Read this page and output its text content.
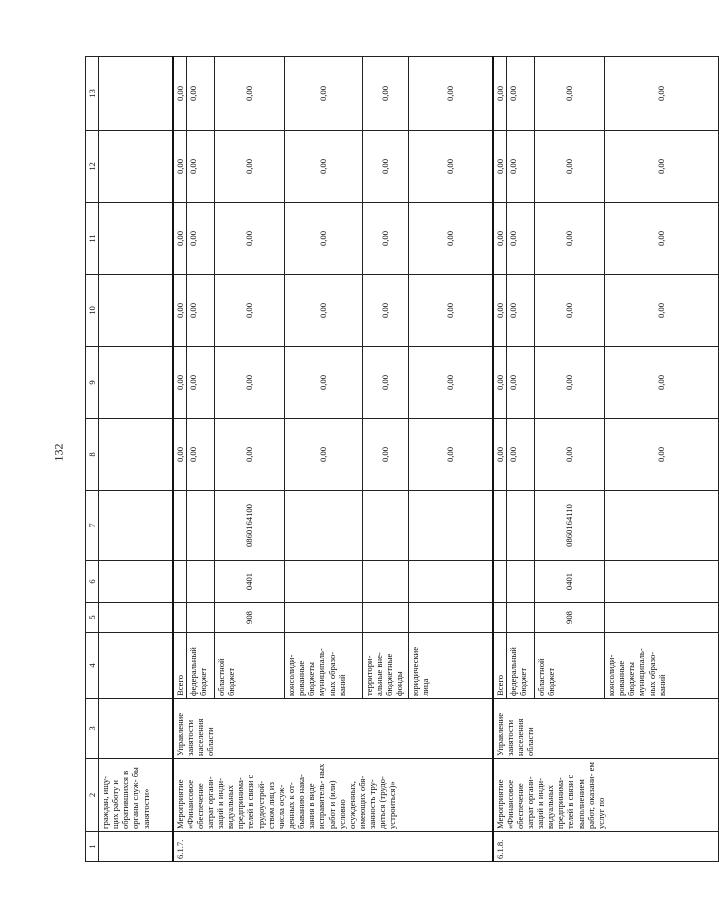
132
1	2	3	4	5	6	7	8	9	10	11	12	13
	граждан, ищу- щих работу и обратившихся в органы служ- бы занятости»											
6.1.7.	Мероприятие «Финансовое обеспечение затрат органи- заций и инди- видуальных предпринима- телей в связи с трудоустрой- ством лиц из числа осуж- денных к от- быванию нака- зания в виде исправитель- ных работ и (или) условно осужденных, имеющих обя- занность тру- диться (трудо- устроиться)»	Управление занятости населения области	Всего				0,00	0,00	0,00	0,00	0,00	0,00
			федеральный бюджет				0,00	0,00	0,00	0,00	0,00	0,00
			областной бюджет	908	0401	0860164100	0,00	0,00	0,00	0,00	0,00	0,00
			консолиди- рованные бюджеты муниципаль- ных образо- ваний				0,00	0,00	0,00	0,00	0,00	0,00
			территори- альные вне- бюджетные фонды				0,00	0,00	0,00	0,00	0,00	0,00
			юридические лица				0,00	0,00	0,00	0,00	0,00	0,00
6.1.8.	Мероприятие «Финансовое обеспечение затрат органи- заций и инди- видуальных предпринима- телей в связи с выполнением работ, оказани- ем услуг по	Управление занятости населения области	Всего				0,00	0,00	0,00	0,00	0,00	0,00
			федеральный бюджет				0,00	0,00	0,00	0,00	0,00	0,00
			областной бюджет	908	0401	0860164110	0,00	0,00	0,00	0,00	0,00	0,00
			консолиди- рованные бюджеты муниципаль- ных образо- ваний				0,00	0,00	0,00	0,00	0,00	0,00
